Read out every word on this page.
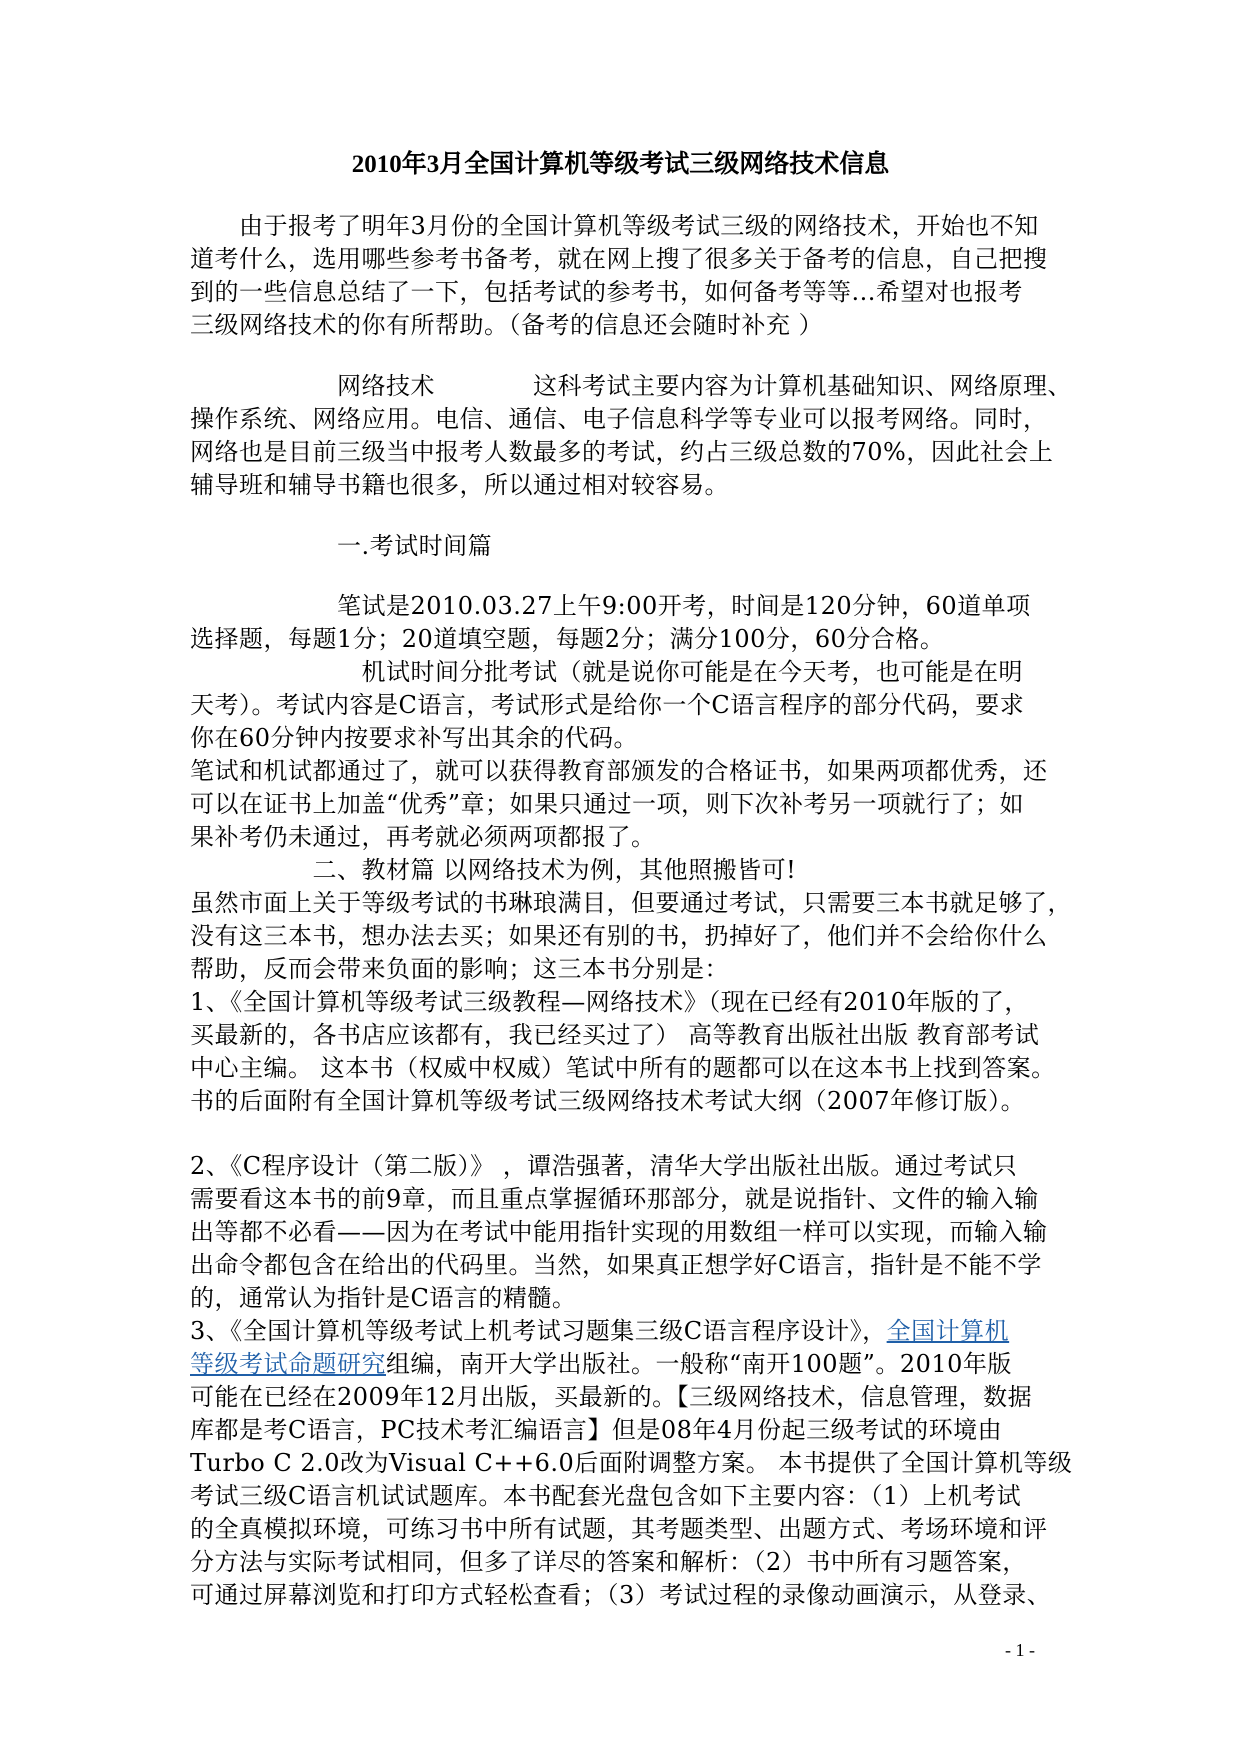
2010年3月全国计算机等级考试三级网络技术信息
　　由于报考了明年3月份的全国计算机等级考试三级的网络技术，开始也不知
道考什么，选用哪些参考书备考，就在网上搜了很多关于备考的信息，自己把搜
到的一些信息总结了一下，包括考试的参考书，如何备考等等...希望对也报考
三级网络技术的你有所帮助。（备考的信息还会随时补充 ）
　　　　　　网络技术　　　　这科考试主要内容为计算机基础知识、网络原理、
操作系统、网络应用。电信、通信、电子信息科学等专业可以报考网络。同时，
网络也是目前三级当中报考人数最多的考试，约占三级总数的70%，因此社会上
辅导班和辅导书籍也很多，所以通过相对较容易。
　　　　　　一.考试时间篇
　　　　　　笔试是2010.03.27上午9:00开考，时间是120分钟，60道单项
选择题，每题1分；20道填空题，每题2分；满分100分，60分合格。
　　　　　　　机试时间分批考试（就是说你可能是在今天考，也可能是在明
天考）。考试内容是C语言，考试形式是给你一个C语言程序的部分代码，要求
你在60分钟内按要求补写出其余的代码。
笔试和机试都通过了，就可以获得教育部颁发的合格证书，如果两项都优秀，还
可以在证书上加盖“优秀”章；如果只通过一项，则下次补考另一项就行了；如
果补考仍未通过，再考就必须两项都报了。
　　　　　二、教材篇 以网络技术为例，其他照搬皆可!
虽然市面上关于等级考试的书琳琅满目，但要通过考试，只需要三本书就足够了，
没有这三本书，想办法去买；如果还有别的书，扔掉好了，他们并不会给你什么
帮助，反而会带来负面的影响；这三本书分别是：
1、《全国计算机等级考试三级教程—网络技术》（现在已经有2010年版的了，
买最新的，各书店应该都有，我已经买过了） 高等教育出版社出版 教育部考试
中心主编。 这本书（权威中权威）笔试中所有的题都可以在这本书上找到答案。
书的后面附有全国计算机等级考试三级网络技术考试大纲（2007年修订版）。
2、《C程序设计（第二版）》 ，谭浩强著，清华大学出版社出版。通过考试只
需要看这本书的前9章，而且重点掌握循环那部分，就是说指针、文件的输入输
出等都不必看——因为在考试中能用指针实现的用数组一样可以实现，而输入输
出命令都包含在给出的代码里。当然，如果真正想学好C语言，指针是不能不学
的，通常认为指针是C语言的精髓。
3、《全国计算机等级考试上机考试习题集三级C语言程序设计》，全国计算机
等级考试命题研究组编，南开大学出版社。一般称“南开100题”。2010年版
可能在已经在2009年12月出版，买最新的。【三级网络技术，信息管理，数据
库都是考C语言，PC技术考汇编语言】但是08年4月份起三级考试的环境由
Turbo C 2.0改为Visual C++6.0后面附调整方案。 本书提供了全国计算机等级
考试三级C语言机试试题库。本书配套光盘包含如下主要内容：（1）上机考试
的全真模拟环境，可练习书中所有试题，其考题类型、出题方式、考场环境和评
分方法与实际考试相同，但多了详尽的答案和解析：（2）书中所有习题答案，
可通过屏幕浏览和打印方式轻松查看；（3）考试过程的录像动画演示，从登录、
- 1 -
